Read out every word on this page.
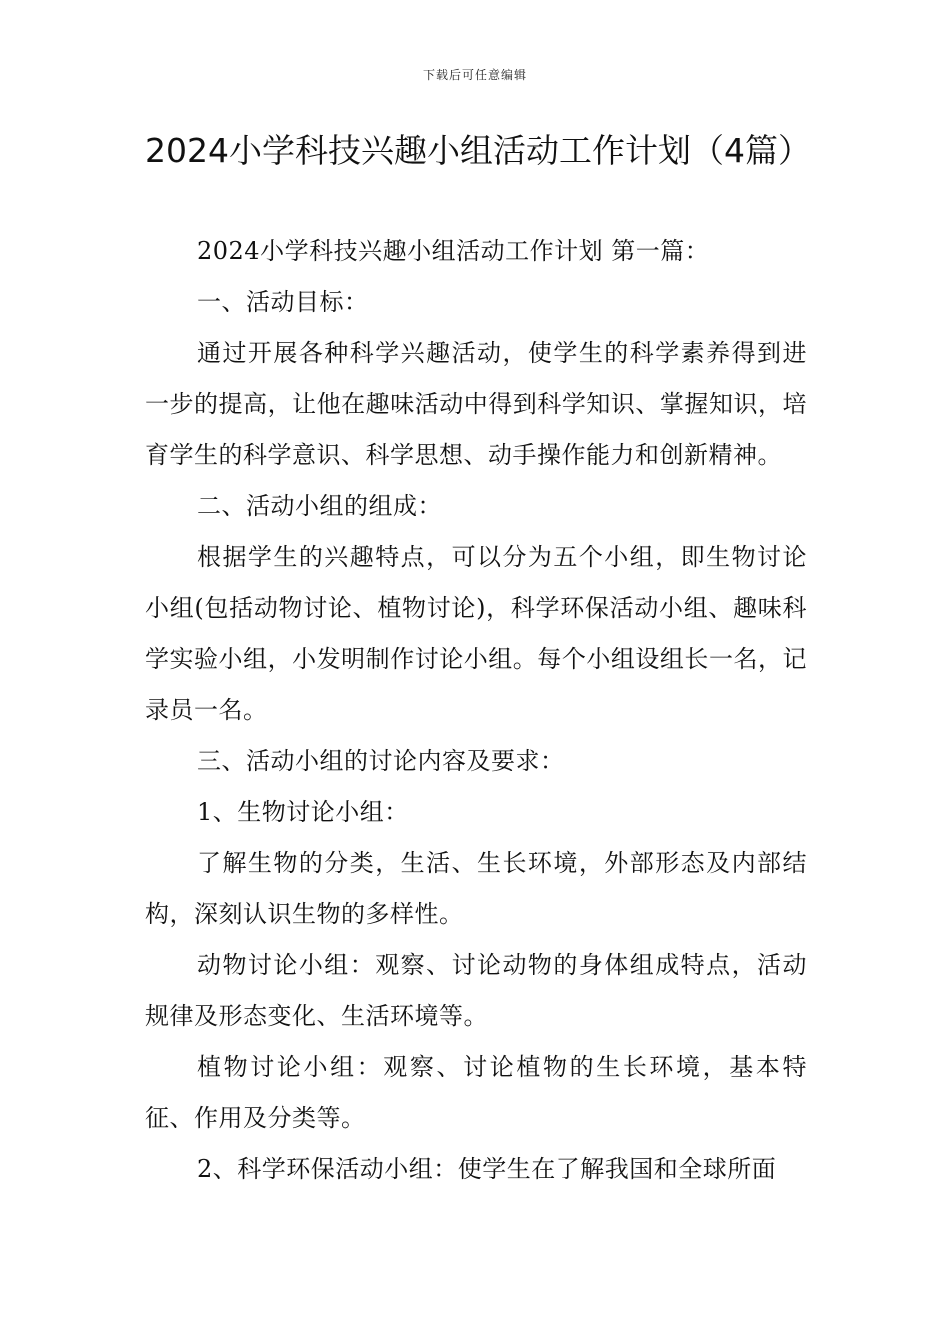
下载后可任意编辑
2024小学科技兴趣小组活动工作计划（4篇）

2024小学科技兴趣小组活动工作计划 第一篇：

一、活动目标：

通过开展各种科学兴趣活动，使学生的科学素养得到进一步的提高，让他在趣味活动中得到科学知识、掌握知识，培育学生的科学意识、科学思想、动手操作能力和创新精神。

二、活动小组的组成：

根据学生的兴趣特点，可以分为五个小组，即生物讨论小组(包括动物讨论、植物讨论)，科学环保活动小组、趣味科学实验小组，小发明制作讨论小组。每个小组设组长一名，记录员一名。

三、活动小组的讨论内容及要求：

1、生物讨论小组：

了解生物的分类，生活、生长环境，外部形态及内部结构，深刻认识生物的多样性。

动物讨论小组：观察、讨论动物的身体组成特点，活动规律及形态变化、生活环境等。

植物讨论小组：观察、讨论植物的生长环境，基本特征、作用及分类等。

2、科学环保活动小组：使学生在了解我国和全球所面
